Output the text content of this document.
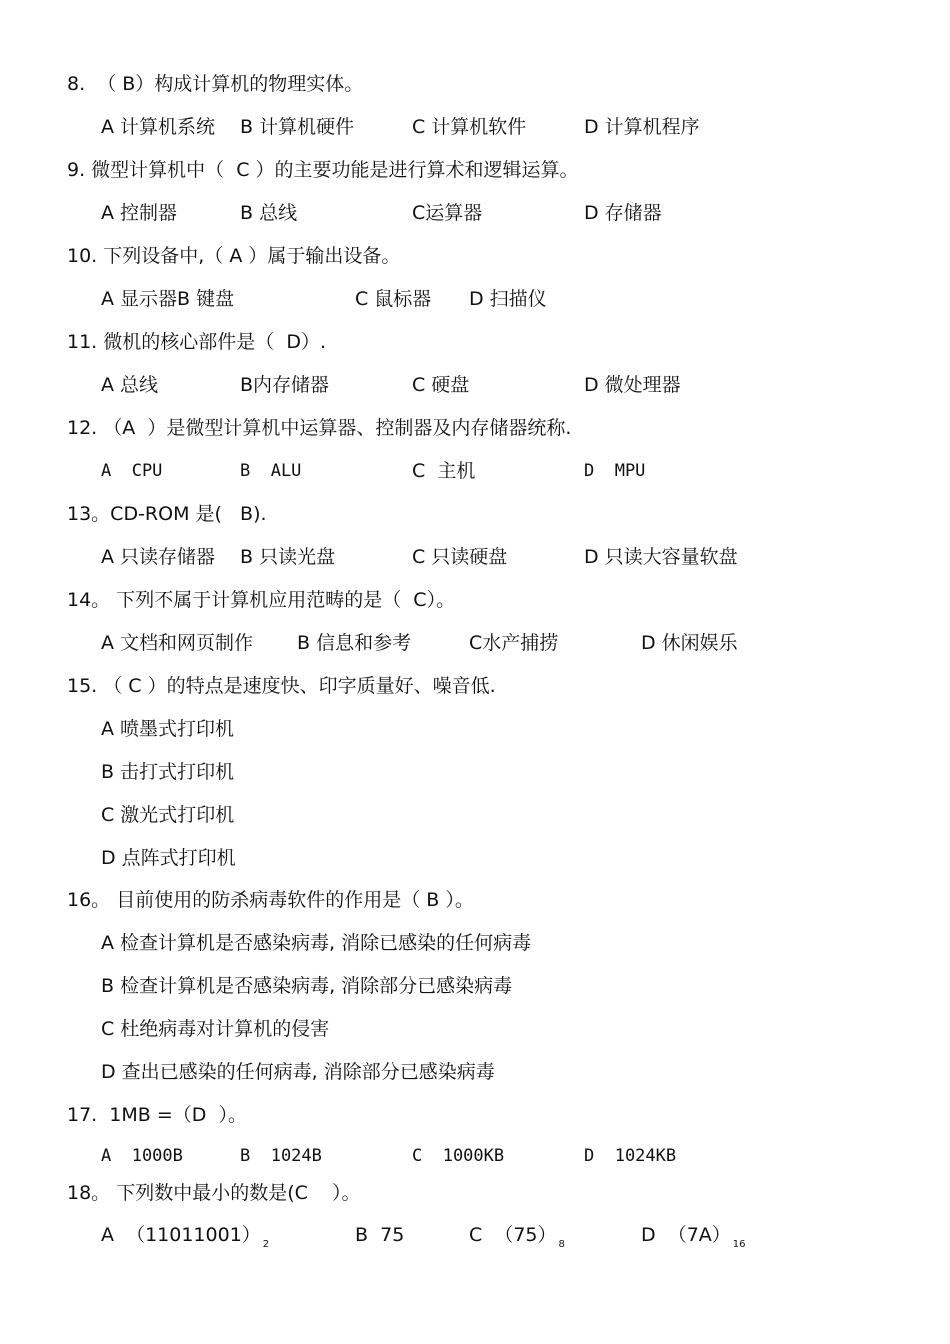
8.  （ B）构成计算机的物理实体。
A 计算机系统 B 计算机硬件	C 计算机软件	D 计算机程序
9. 微型计算机中（  C ）的主要功能是进行算术和逻辑运算。
A 控制器	B 总线	C运算器	D 存储器
10. 下列设备中,（ A ）属于输出设备。
A 显示器B 键盘	C 鼠标器 D 扫描仪
11. 微机的核心部件是（  D）.
A 总线	B内存储器	C 硬盘	D 微处理器
12. （A  ）是微型计算机中运算器、控制器及内存储器统称.
A  CPU	B  ALU	C  主机	D  MPU
13。CD-ROM 是(   B).
A 只读存储器 B 只读光盘	C 只读硬盘	D 只读大容量软盘
14。 下列不属于计算机应用范畴的是（  C）。
A 文档和网页制作 B 信息和参考	C水产捕捞	D 休闲娱乐
15. （ C ）的特点是速度快、印字质量好、噪音低.
A 喷墨式打印机
B 击打式打印机
C 激光式打印机
D 点阵式打印机
16。 目前使用的防杀病毒软件的作用是（ B ）。
A 检查计算机是否感染病毒, 消除已感染的任何病毒
B 检查计算机是否感染病毒, 消除部分已感染病毒
C 杜绝病毒对计算机的侵害
D 查出已感染的任何病毒, 消除部分已感染病毒
17.  1MB =（D  ）。
A  1000B	B  1024B	C  1000KB	D  1024KB
18。 下列数中最小的数是(C    ）。
A  （11011001） $_2$	B  75	C  （75） $_8$	D  （7A） $_{16}$
